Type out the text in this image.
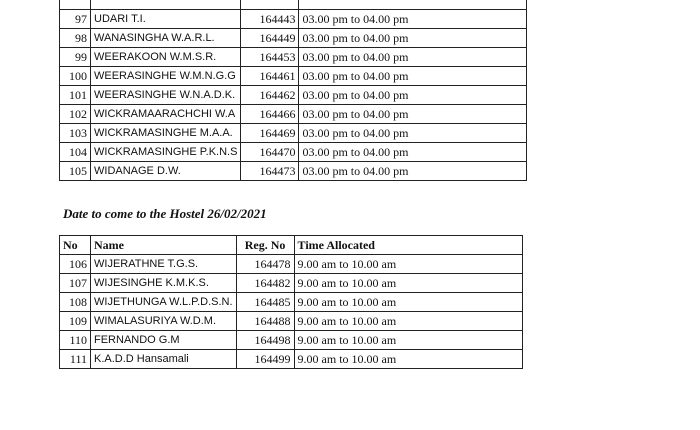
97	UDARI T.I.	164443	03.00 pm to 04.00 pm
98	WANASINGHA W.A.R.L.	164449	03.00 pm to 04.00 pm
99	WEERAKOON W.M.S.R.	164453	03.00 pm to 04.00 pm
100	WEERASINGHE W.M.N.G.G	164461	03.00 pm to 04.00 pm
101	WEERASINGHE W.N.A.D.K.	164462	03.00 pm to 04.00 pm
102	WICKRAMAARACHCHI W.A	164466	03.00 pm to 04.00 pm
103	WICKRAMASINGHE M.A.A.	164469	03.00 pm to 04.00 pm
104	WICKRAMASINGHE P.K.N.S	164470	03.00 pm to 04.00 pm
105	WIDANAGE D.W.	164473	03.00 pm to 04.00 pm
Date to come to the Hostel 26/02/2021
No	Name	Reg. No	Time Allocated
106	WIJERATHNE T.G.S.	164478	9.00 am to 10.00 am
107	WIJESINGHE K.M.K.S.	164482	9.00 am to 10.00 am
108	WIJETHUNGA W.L.P.D.S.N.	164485	9.00 am to 10.00 am
109	WIMALASURIYA W.D.M.	164488	9.00 am to 10.00 am
110	FERNANDO G.M	164498	9.00 am to 10.00 am
111	K.A.D.D Hansamali	164499	9.00 am to 10.00 am
